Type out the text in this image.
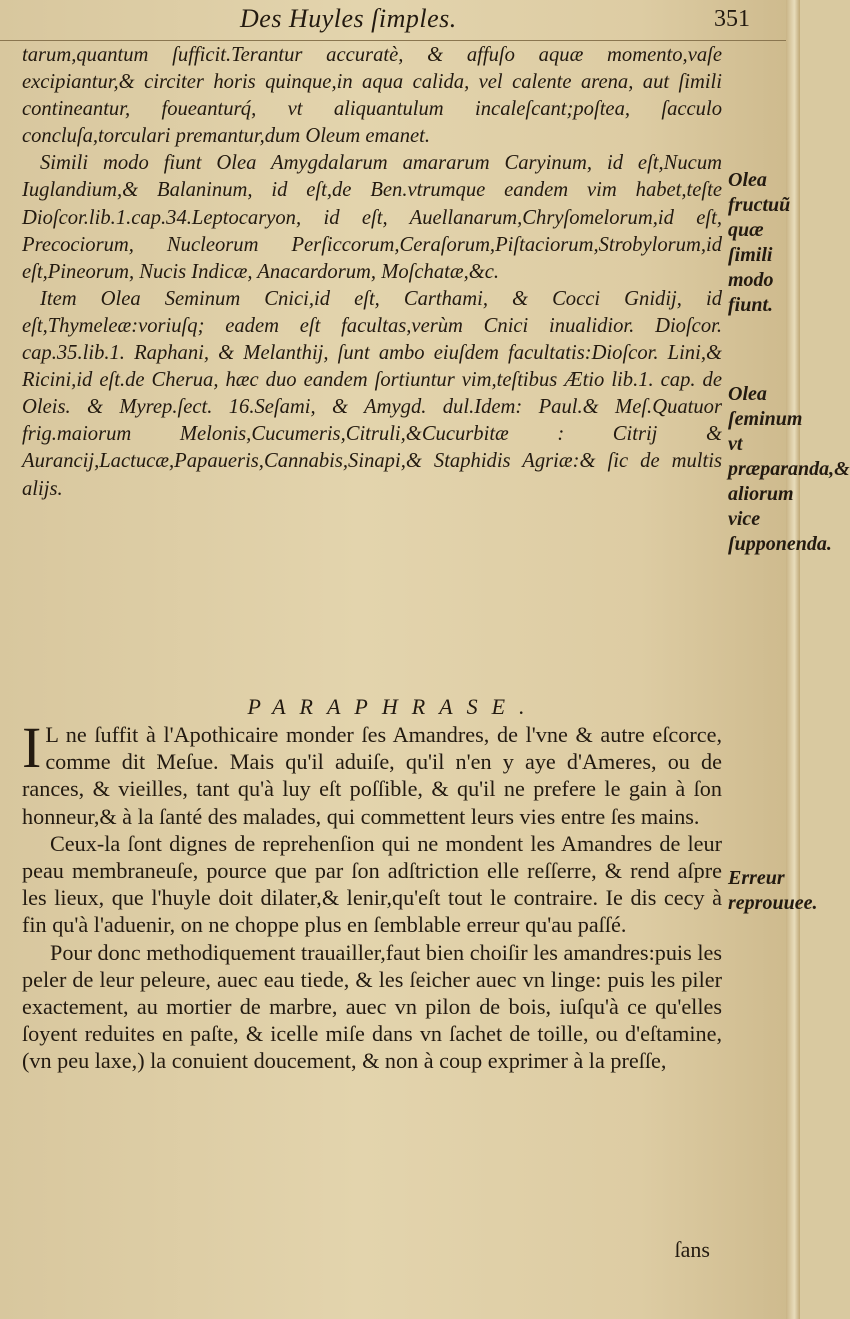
Des Huyles ſimples.	351

tarum,quantum ſufficit.Terantur accuratè, & affuſo aquæ momento,vaſe excipiantur,& circiter horis quinque,in aqua calida, vel calente arena, aut ſimili contineantur, foueanturq́, vt aliquantulum incaleſcant;poſtea, ſacculo concluſa,torculari premantur,dum Oleum emanet.

Simili modo fiunt Olea Amygdalarum amararum Caryinum, id eſt,Nucum Iuglandium,& Balaninum, id eſt,de Ben.vtrumque eandem vim habet,teſte Dioſcor.lib.1.cap.34.Leptocaryon, id eſt, Auellanarum,Chryſomelorum,id eſt, Precociorum, Nucleorum Perſiccorum,Ceraſorum,Piſtaciorum,Strobylorum,id eſt,Pineorum, Nucis Indicæ, Anacardorum, Moſchatæ,&c.

Item Olea Seminum Cnici,id eſt, Carthami, & Cocci Gnidij, id eſt,Thymeleæ:voriuſq; eadem eſt facultas,verùm Cnici inualidior. Dioſcor. cap.35.lib.1. Raphani, & Melanthij, ſunt ambo eiuſdem facultatis:Dioſcor. Lini,& Ricini,id eſt.de Cherua, hæc duo eandem ſortiuntur vim,teſtibus Ætio lib.1. cap. de Oleis. & Myrep.ſect. 16.Seſami, & Amygd. dul.Idem: Paul.& Meſ.Quatuor frig.maiorum Melonis,Cucumeris,Citruli,&Cucurbitæ : Citrij & Aurancij,Lactucæ,Papaueris,Cannabis,Sinapi,& Staphidis Agriæ:& ſic de multis alijs.

Olea fructuũ quæ ſimili modo fiunt.
Olea ſeminum vt præparanda,& aliorum vice ſupponenda.
Erreur reprouuee.
PARAPHRASE.

I L ne ſuffit à l'Apothicaire monder ſes Amandres, de l'vne & autre eſcorce, comme dit Meſue. Mais qu'il aduiſe, qu'il n'en y aye d'Ameres, ou de rances, & vieilles, tant qu'à luy eſt poſſible, & qu'il ne prefere le gain à ſon honneur,& à la ſanté des malades, qui commettent leurs vies entre ſes mains.

Ceux-la ſont dignes de reprehenſion qui ne mondent les Amandres de leur peau membraneuſe, pource que par ſon adſtriction elle reſſerre, & rend aſpre les lieux, que l'huyle doit dilater,& lenir,qu'eſt tout le contraire. Ie dis cecy à fin qu'à l'aduenir, on ne choppe plus en ſemblable erreur qu'au paſſé.

Pour donc methodiquement trauailler,faut bien choiſir les amandres:puis les peler de leur peleure, auec eau tiede, & les ſeicher auec vn linge: puis les piler exactement, au mortier de marbre, auec vn pilon de bois, iuſqu'à ce qu'elles ſoyent reduites en paſte, & icelle miſe dans vn ſachet de toille, ou d'eſtamine, (vn peu laxe,) la conuient doucement, & non à coup exprimer à la preſſe,

ſans
